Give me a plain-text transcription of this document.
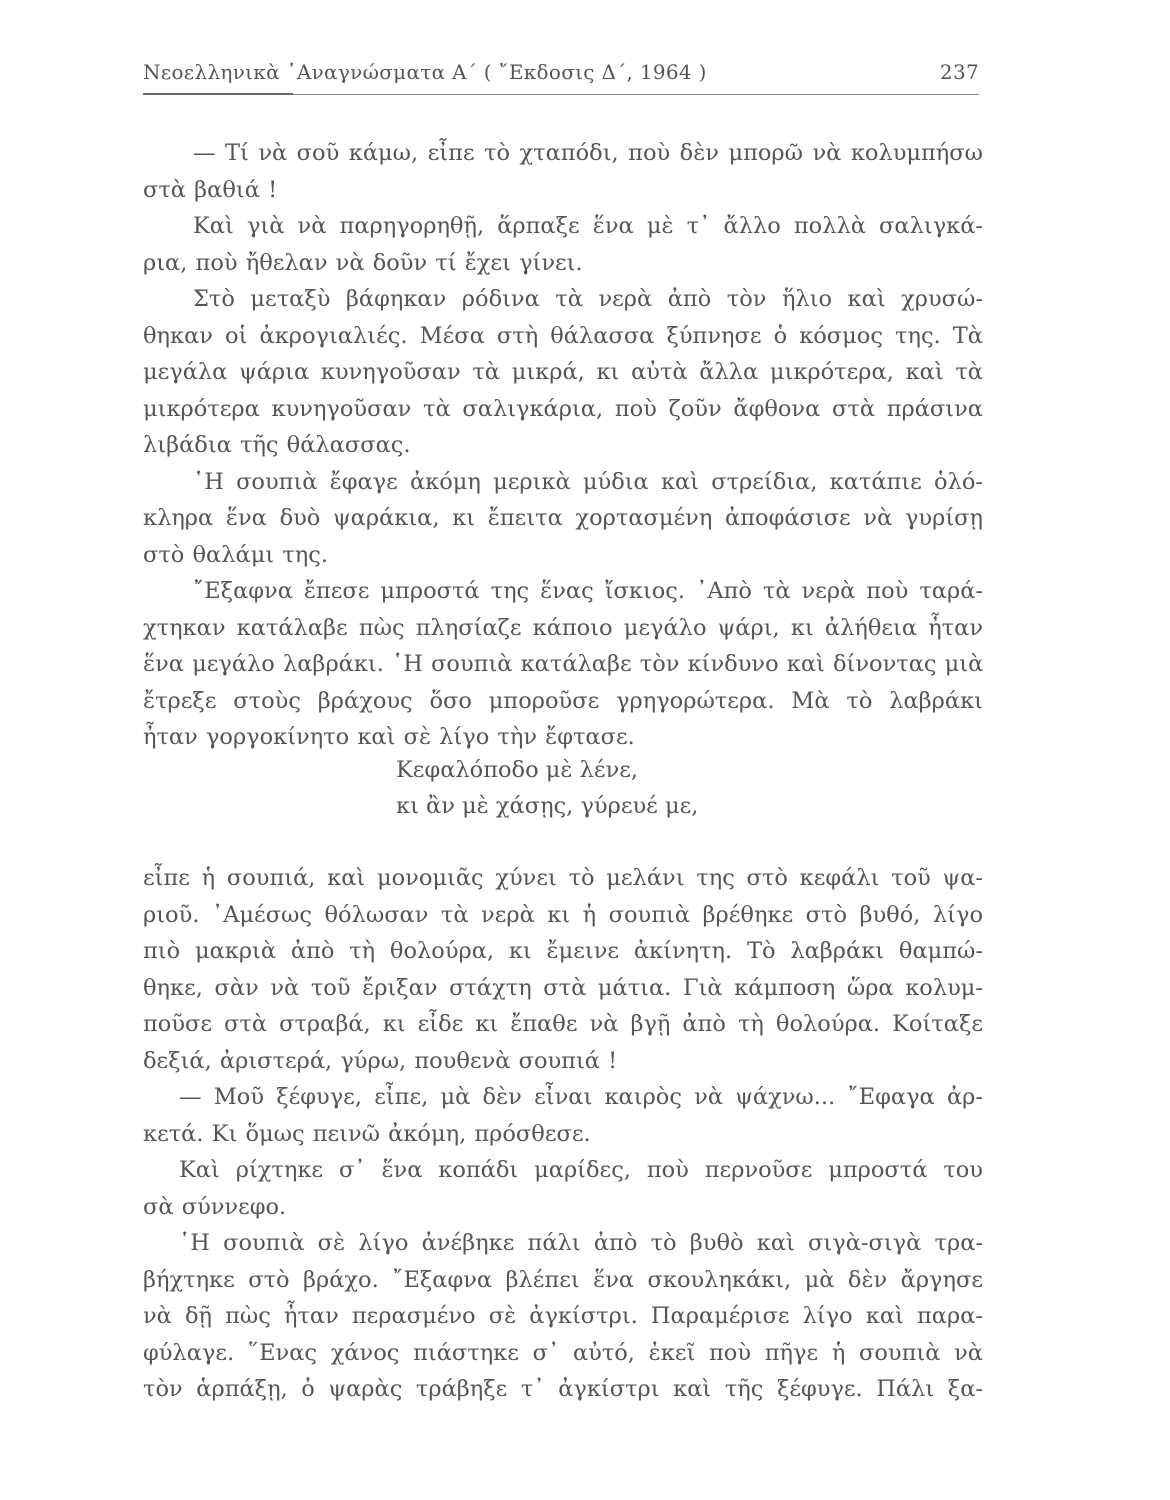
Νεοελληνικὰ ᾽Αναγνώσματα Α΄ ( ῎Εκδοσις Δ΄, 1964 )	237
— Τί νὰ σοῦ κάμω, εἶπε τὸ χταπόδι, ποὺ δὲν μπορῶ νὰ κολυμπήσω
στὰ βαθιά !
Καὶ γιὰ νὰ παρηγορηθῇ, ἅρπαξε ἕνα μὲ τ᾽ ἄλλο πολλὰ σαλιγκά-
ρια, ποὺ ἤθελαν νὰ δοῦν τί ἔχει γίνει.
Στὸ μεταξὺ βάφηκαν ρόδινα τὰ νερὰ ἀπὸ τὸν ἥλιο καὶ χρυσώ-
θηκαν οἱ ἀκρογιαλιές. Μέσα στὴ θάλασσα ξύπνησε ὁ κόσμος της. Τὰ
μεγάλα ψάρια κυνηγοῦσαν τὰ μικρά, κι αὐτὰ ἄλλα μικρότερα, καὶ τὰ
μικρότερα κυνηγοῦσαν τὰ σαλιγκάρια, ποὺ ζοῦν ἄφθονα στὰ πράσινα
λιβάδια τῆς θάλασσας.
῾Η σουπιὰ ἔφαγε ἀκόμη μερικὰ μύδια καὶ στρείδια, κατάπιε ὁλό-
κληρα ἕνα δυὸ ψαράκια, κι ἔπειτα χορτασμένη ἀποφάσισε νὰ γυρίσῃ
στὸ θαλάμι της.
῎Εξαφνα ἔπεσε μπροστά της ἕνας ἴσκιος. ᾽Απὸ τὰ νερὰ ποὺ ταρά-
χτηκαν κατάλαβε πὼς πλησίαζε κάποιο μεγάλο ψάρι, κι ἀλήθεια ἦταν
ἕνα μεγάλο λαβράκι. ῾Η σουπιὰ κατάλαβε τὸν κίνδυνο καὶ δίνοντας μιὰ
ἔτρεξε στοὺς βράχους ὅσο μποροῦσε γρηγορώτερα. Μὰ τὸ λαβράκι
ἦταν γοργοκίνητο καὶ σὲ λίγο τὴν ἔφτασε.
Κεφαλόποδο μὲ λένε,
κι ἂν μὲ χάσῃς, γύρευέ με,
εἶπε ἡ σουπιά, καὶ μονομιᾶς χύνει τὸ μελάνι της στὸ κεφάλι τοῦ ψα-
ριοῦ. ᾽Αμέσως θόλωσαν τὰ νερὰ κι ἡ σουπιὰ βρέθηκε στὸ βυθό, λίγο
πιὸ μακριὰ ἀπὸ τὴ θολούρα, κι ἔμεινε ἀκίνητη. Τὸ λαβράκι θαμπώ-
θηκε, σὰν νὰ τοῦ ἔριξαν στάχτη στὰ μάτια. Γιὰ κάμποση ὥρα κολυμ-
ποῦσε στὰ στραβά, κι εἶδε κι ἔπαθε νὰ βγῇ ἀπὸ τὴ θολούρα. Κοίταξε
δεξιά, ἀριστερά, γύρω, πουθενὰ σουπιά !
— Μοῦ ξέφυγε, εἶπε, μὰ δὲν εἶναι καιρὸς νὰ ψάχνω... ῎Εφαγα ἀρ-
κετά. Κι ὅμως πεινῶ ἀκόμη, πρόσθεσε.
Καὶ ρίχτηκε σ᾽ ἕνα κοπάδι μαρίδες, ποὺ περνοῦσε μπροστά του
σὰ σύννεφο.
῾Η σουπιὰ σὲ λίγο ἀνέβηκε πάλι ἀπὸ τὸ βυθὸ καὶ σιγὰ-σιγὰ τρα-
βήχτηκε στὸ βράχο. ῎Εξαφνα βλέπει ἕνα σκουληκάκι, μὰ δὲν ἄργησε
νὰ δῇ πὼς ἦταν περασμένο σὲ ἀγκίστρι. Παραμέρισε λίγο καὶ παρα-
φύλαγε. ῞Ενας χάνος πιάστηκε σ᾽ αὐτό, ἐκεῖ ποὺ πῆγε ἡ σουπιὰ νὰ
τὸν ἁρπάξῃ, ὁ ψαρὰς τράβηξε τ᾽ ἀγκίστρι καὶ τῆς ξέφυγε. Πάλι ξα-
